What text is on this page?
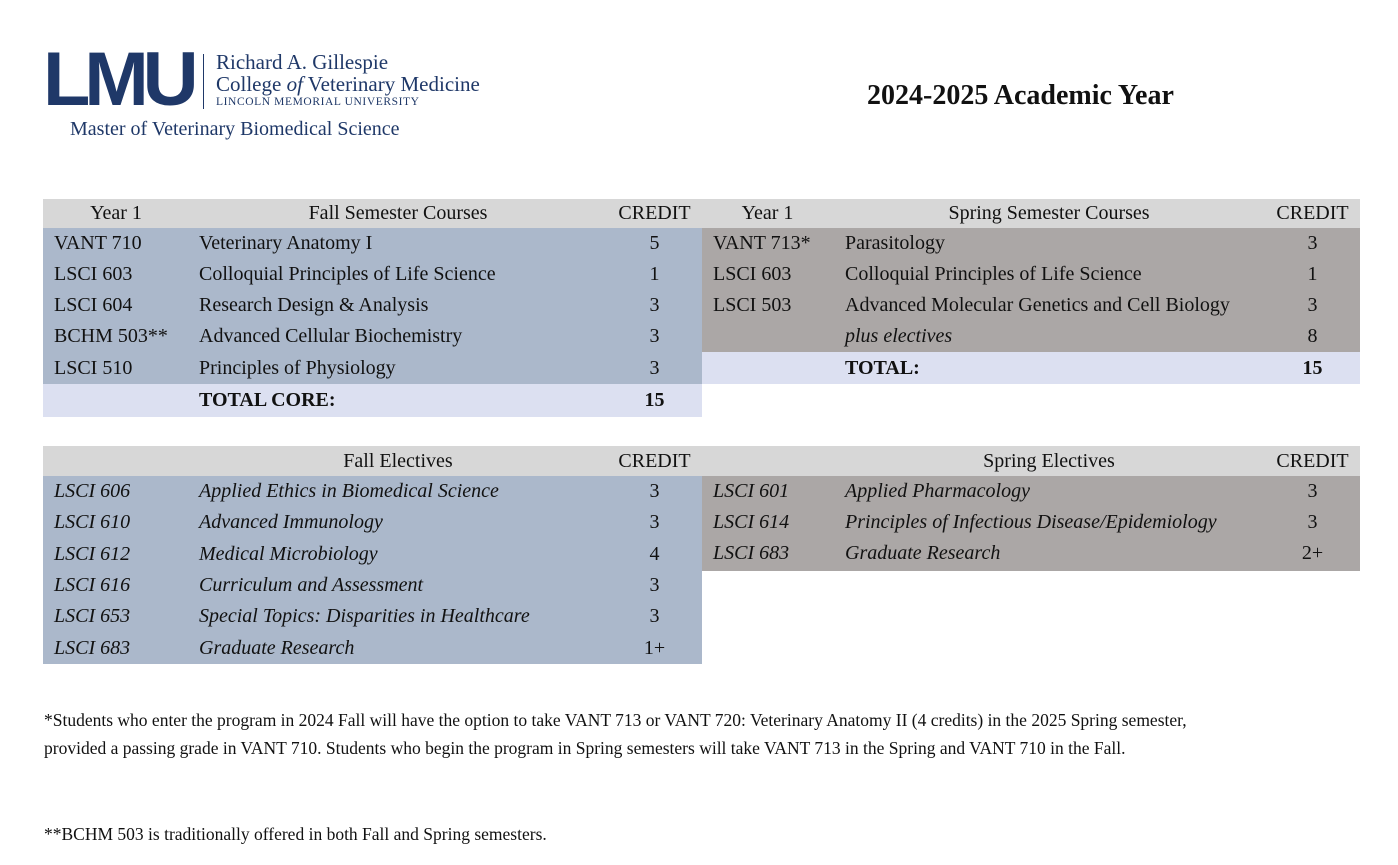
LMU Richard A. Gillespie
College of Veterinary Medicine
LINCOLN MEMORIAL UNIVERSITY
Master of Veterinary Biomedical Science
2024-2025 Academic Year
Year 1	Fall Semester Courses	CREDIT
VANT 710	Veterinary Anatomy I	5
LSCI 603	Colloquial Principles of Life Science	1
LSCI 604	Research Design & Analysis	3
BCHM 503** Advanced Cellular Biochemistry	3
LSCI 510	Principles of Physiology	3
TOTAL CORE:	15
Year 1	Spring Semester Courses	CREDIT
VANT 713* Parasitology	3
LSCI 603	Colloquial Principles of Life Science	1
LSCI 503	Advanced Molecular Genetics and Cell Biology	3
plus electives	8
TOTAL:	15
Fall Electives	CREDIT
LSCI 606	Applied Ethics in Biomedical Science	3
LSCI 610	Advanced Immunology	3
LSCI 612	Medical Microbiology	4
LSCI 616	Curriculum and Assessment	3
LSCI 653	Special Topics: Disparities in Healthcare	3
LSCI 683	Graduate Research	1+
Spring Electives	CREDIT
LSCI 601	Applied Pharmacology	3
LSCI 614	Principles of Infectious Disease/Epidemiology	3
LSCI 683	Graduate Research	2+
*Students who enter the program in 2024 Fall will have the option to take VANT 713 or VANT 720: Veterinary Anatomy II (4 credits) in the 2025 Spring semester,
provided a passing grade in VANT 710. Students who begin the program in Spring semesters will take VANT 713 in the Spring and VANT 710 in the Fall.
**BCHM 503 is traditionally offered in both Fall and Spring semesters.
